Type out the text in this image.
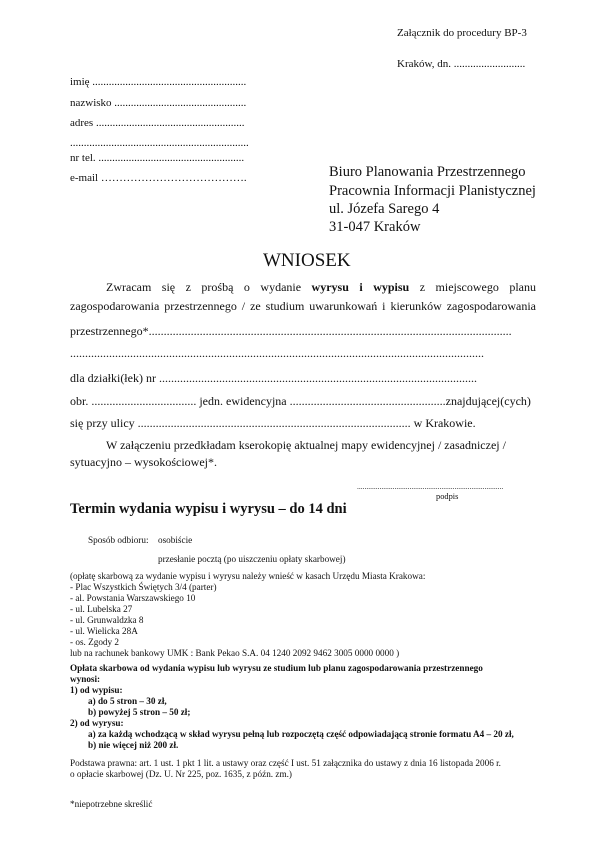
Załącznik do procedury BP-3
Kraków, dn. ..........................
imię ........................................................
nazwisko ................................................
adres ......................................................
.................................................................
nr tel. .....................................................
e-mail ………………………………….	Biuro Planowania Przestrzennego
Pracownia Informacji Planistycznej
ul. Józefa Sarego 4
31-047 Kraków
WNIOSEK
Zwracam się z prośbą o wydanie wyrysu i wypisu z miejscowego planu
zagospodarowania przestrzennego / ze studium uwarunkowań i kierunków zagospodarowania
przestrzennego*.........................................................................................................................
..........................................................................................................................................
dla działki(łek) nr ..........................................................................................................
obr. ................................... jedn. ewidencyjna ....................................................znajdującej(cych)
się przy ulicy ........................................................................................... w Krakowie.
W załączeniu przedkładam kserokopię aktualnej mapy ewidencyjnej / zasadniczej /
sytuacyjno – wysokościowej*.
..............................................................................
podpis
Termin wydania wypisu i wyrysu – do 14 dni
Sposób odbioru: osobiście
przesłanie pocztą (po uiszczeniu opłaty skarbowej)
(opłatę skarbową za wydanie wypisu i wyrysu należy wnieść w kasach Urzędu Miasta Krakowa:
- Plac Wszystkich Świętych 3/4 (parter)
- al. Powstania Warszawskiego 10
- ul. Lubelska 27
- ul. Grunwaldzka 8
- ul. Wielicka 28A
- os. Zgody 2
lub na rachunek bankowy UMK : Bank Pekao S.A. 04 1240 2092 9462 3005 0000 0000 )
Opłata skarbowa od wydania wypisu lub wyrysu ze studium lub planu zagospodarowania przestrzennego
wynosi:
1) od wypisu:
a) do 5 stron – 30 zł,
b) powyżej 5 stron – 50 zł;
2) od wyrysu:
a) za każdą wchodzącą w skład wyrysu pełną lub rozpoczętą część odpowiadającą stronie formatu A4 – 20 zł,
b) nie więcej niż 200 zł.
Podstawa prawna: art. 1 ust. 1 pkt 1 lit. a ustawy oraz część I ust. 51 załącznika do ustawy z dnia 16 listopada 2006 r.
o opłacie skarbowej (Dz. U. Nr 225, poz. 1635, z późn. zm.)
*niepotrzebne skreślić
